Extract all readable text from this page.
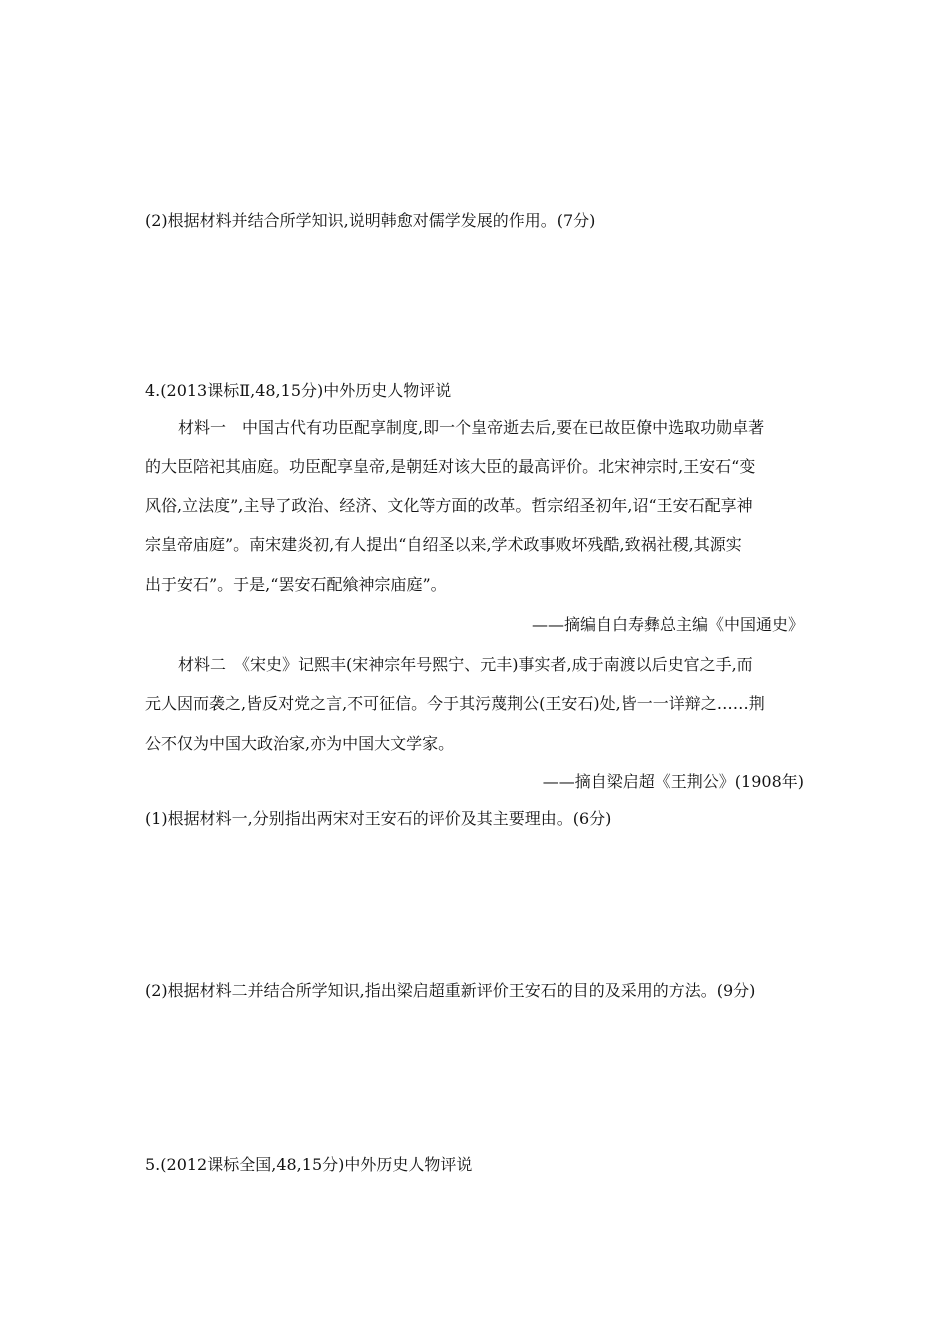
(2)根据材料并结合所学知识,说明韩愈对儒学发展的作用。(7分)

4.(2013课标Ⅱ,48,15分)中外历史人物评说

材料一　中国古代有功臣配享制度,即一个皇帝逝去后,要在已故臣僚中选取功勋卓著

的大臣陪祀其庙庭。功臣配享皇帝,是朝廷对该大臣的最高评价。北宋神宗时,王安石“变

风俗,立法度”,主导了政治、经济、文化等方面的改革。哲宗绍圣初年,诏“王安石配享神

宗皇帝庙庭”。南宋建炎初,有人提出“自绍圣以来,学术政事败坏残酷,致祸社稷,其源实

出于安石”。于是,“罢安石配飨神宗庙庭”。

——摘编自白寿彝总主编《中国通史》

材料二　《宋史》记熙丰(宋神宗年号熙宁、元丰)事实者,成于南渡以后史官之手,而

元人因而袭之,皆反对党之言,不可征信。今于其污蔑荆公(王安石)处,皆一一详辩之……荆

公不仅为中国大政治家,亦为中国大文学家。

——摘自梁启超《王荆公》(1908年)

(1)根据材料一,分别指出两宋对王安石的评价及其主要理由。(6分)

(2)根据材料二并结合所学知识,指出梁启超重新评价王安石的目的及采用的方法。(9分)

5.(2012课标全国,48,15分)中外历史人物评说
